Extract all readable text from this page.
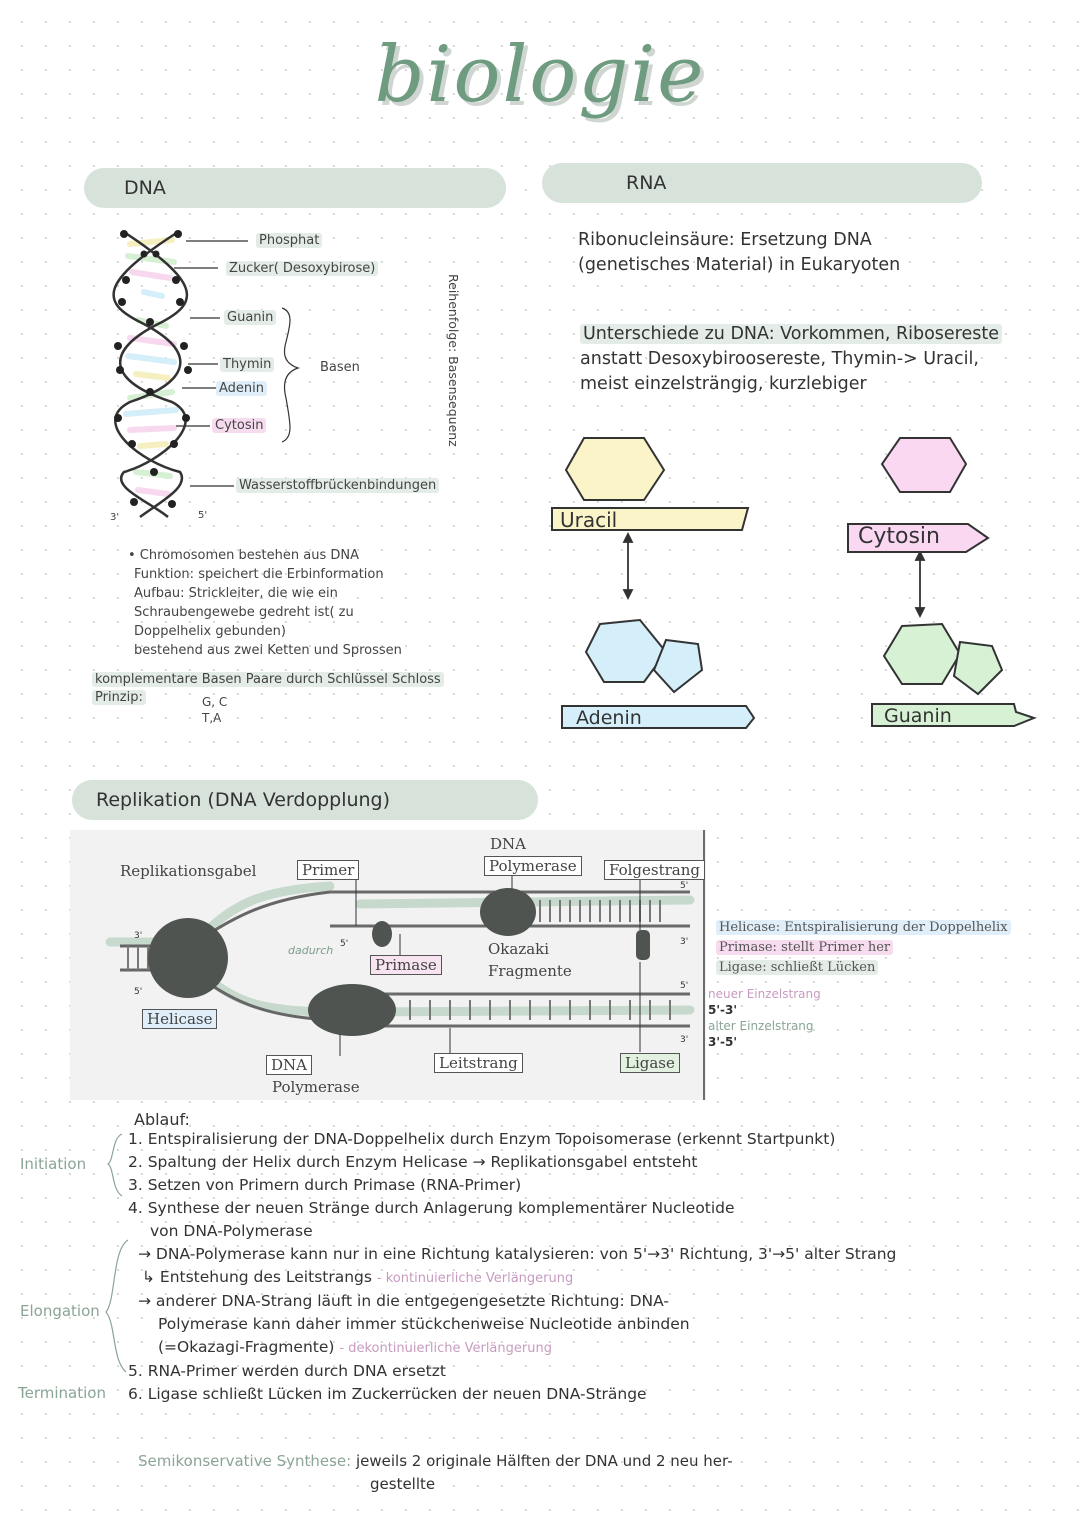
biologie
DNA
3'	5'
Phosphat
Zucker( Desoxybirose)
Guanin
Thymin
Adenin
Cytosin
Basen
Wasserstoffbrückenbindungen
Reihenfolge: Basensequenz
• Chromosomen bestehen aus DNA
Funktion: speichert die Erbinformation
Aufbau: Strickleiter, die wie ein
Schraubengewebe gedreht ist( zu
Doppelhelix gebunden)
bestehend aus zwei Ketten und Sprossen
komplementare Basen Paare durch Schlüssel Schloss
Prinzip:	G, C
T,A
RNA
Ribonucleinsäure: Ersetzung DNA
(genetisches Material) in Eukaryoten
Unterschiede zu DNA: Vorkommen, Ribosereste
anstatt Desoxybiroosereste, Thymin-> Uracil,
meist einzelsträngig, kurzlebiger
Uracil
Cytosin
Adenin	Guanin
Replikation (DNA Verdopplung)
3'
5'
5'
5'
3'
5'
3'
dadurch
Replikationsgabel	Primer
DNA
Polymerase	Folgestrang
Primase
Okazaki
Fragmente
Helicase
DNA
Polymerase
Leitstrang	Ligase
Helicase: Entspiralisierung der Doppelhelix
Primase: stellt Primer her
Ligase: schließt Lücken
neuer Einzelstrang
5'-3'
alter Einzelstrang
3'-5'
Ablauf:
Initiation
Elongation
Termination
1. Entspiralisierung der DNA-Doppelhelix durch Enzym Topoisomerase (erkennt Startpunkt)
2. Spaltung der Helix durch Enzym Helicase → Replikationsgabel entsteht
3. Setzen von Primern durch Primase (RNA-Primer)
4. Synthese der neuen Stränge durch Anlagerung komplementärer Nucleotide
von DNA-Polymerase
→ DNA-Polymerase kann nur in eine Richtung katalysieren: von 5'→3' Richtung, 3'→5' alter Strang
↳ Entstehung des Leitstrangs - kontinuierliche Verlängerung
→ anderer DNA-Strang läuft in die entgegengesetzte Richtung: DNA-
Polymerase kann daher immer stückchenweise Nucleotide anbinden
(=Okazagi-Fragmente) - dekontinuierliche Verlängerung
5. RNA-Primer werden durch DNA ersetzt
6. Ligase schließt Lücken im Zuckerrücken der neuen DNA-Stränge
Semikonservative Synthese: jeweils 2 originale Hälften der DNA und 2 neu her-
gestellte
